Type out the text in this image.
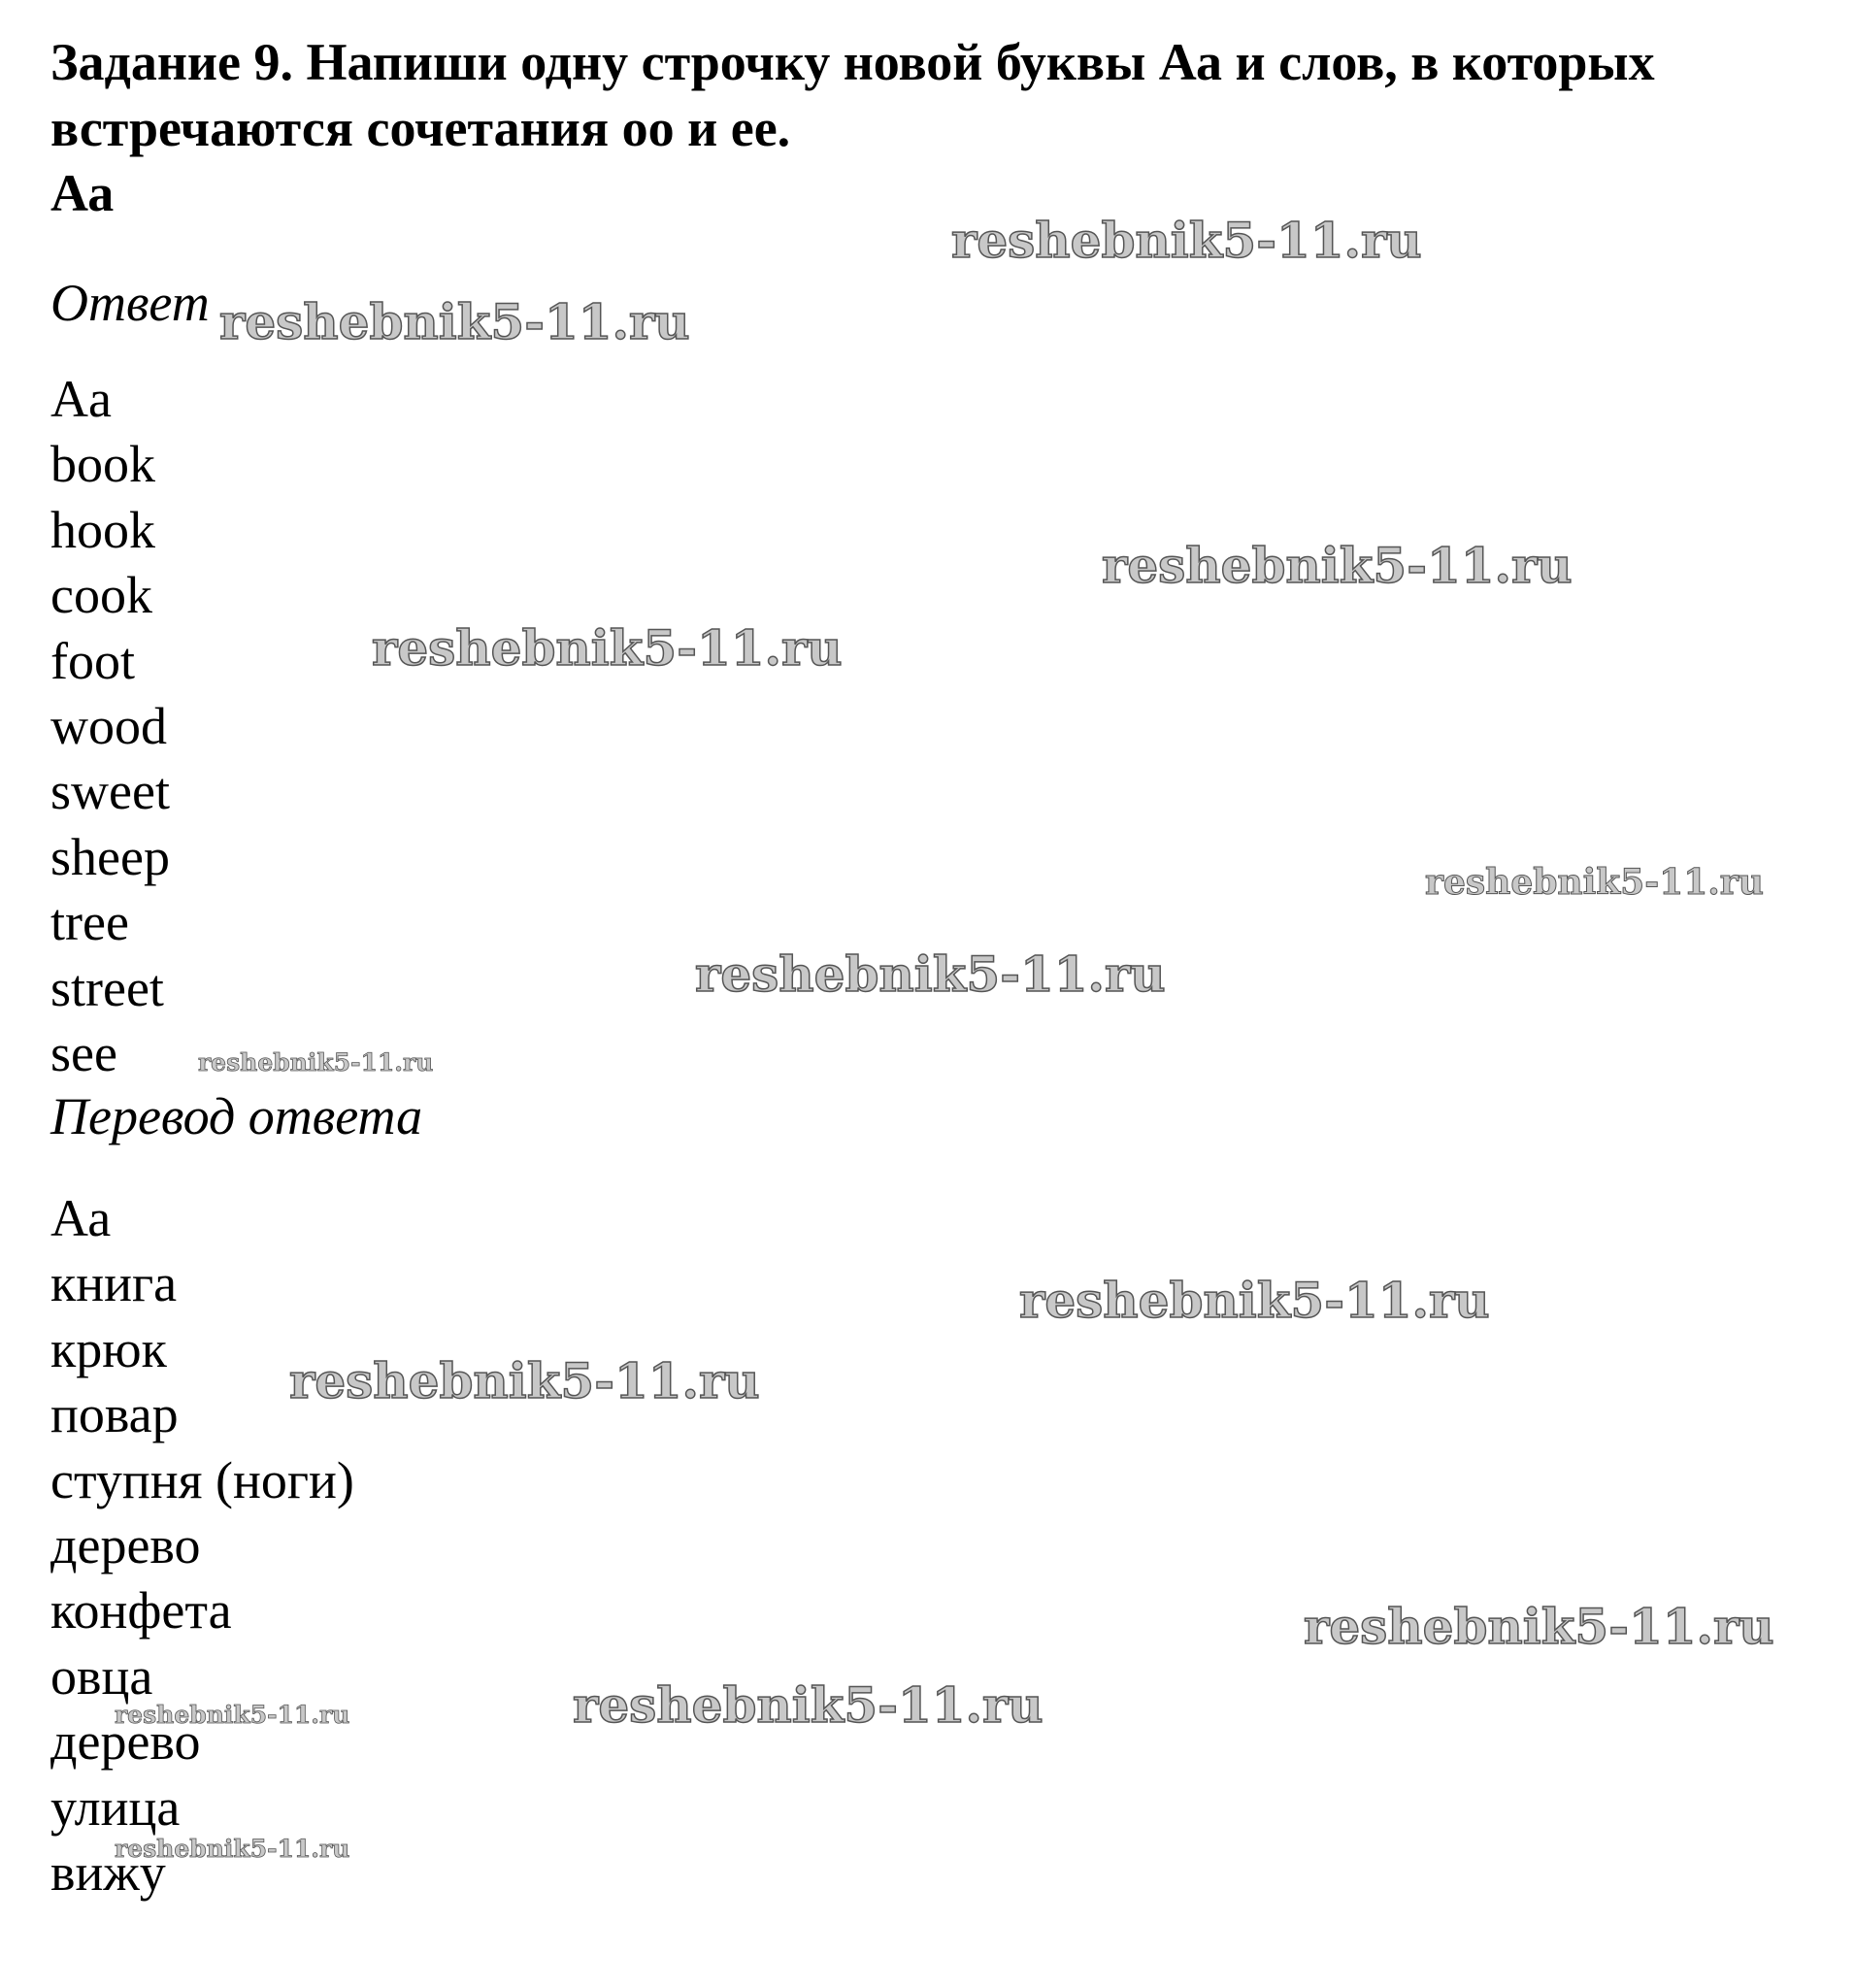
Задание 9. Напиши одну строчку новой буквы Аа и слов, в которых встречаются сочетания оо и ее.
Аа
Ответ
Aa
book
hook
cook
foot
wood
sweet
sheep
tree
street
see
Перевод ответа
Аа
книга
крюк
повар
ступня (ноги)
дерево
конфета
овца
дерево
улица
вижу
reshebnik5-11.ru
reshebnik5-11.ru
reshebnik5-11.ru
reshebnik5-11.ru
reshebnik5-11.ru
reshebnik5-11.ru
reshebnik5-11.ru
reshebnik5-11.ru
reshebnik5-11.ru
reshebnik5-11.ru
reshebnik5-11.ru
reshebnik5-11.ru
reshebnik5-11.ru
